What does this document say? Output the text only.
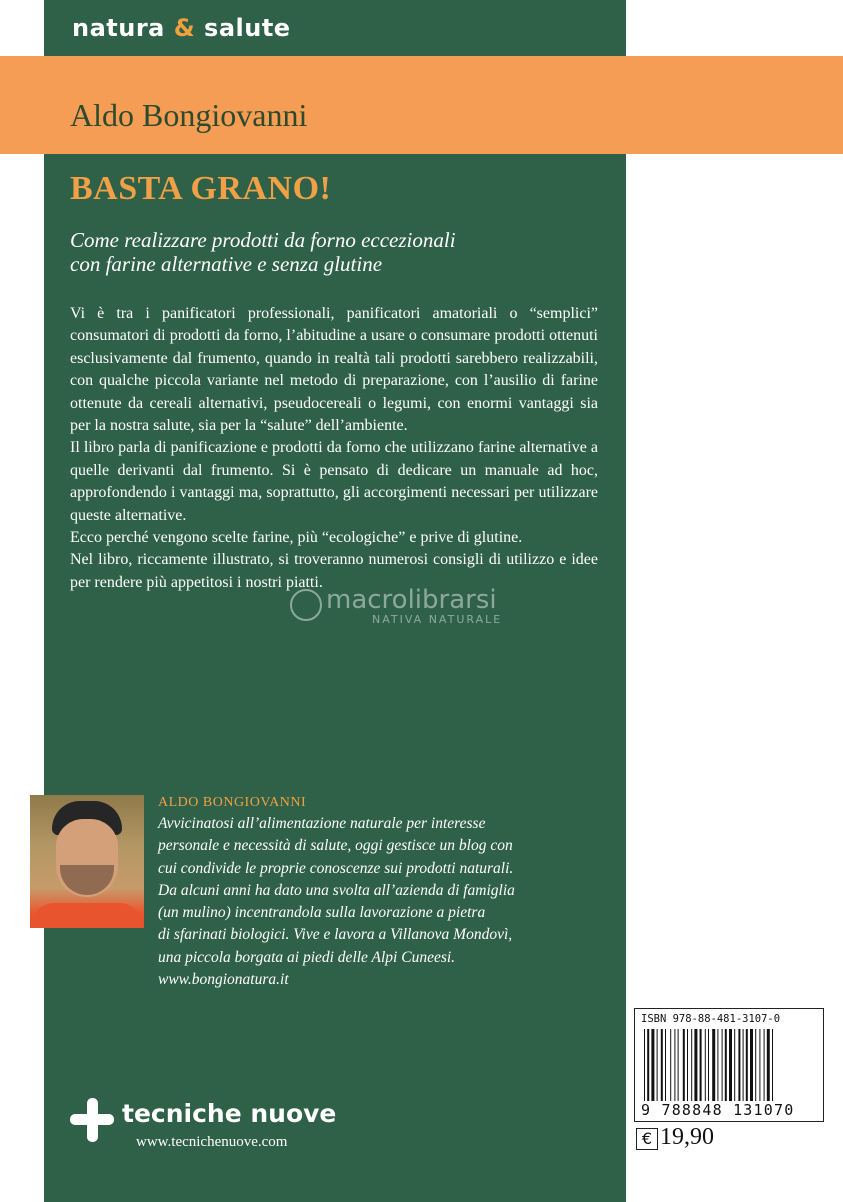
natura & salute
Aldo Bongiovanni
BASTA GRANO!
Come realizzare prodotti da forno eccezionali
con farine alternative e senza glutine

Vi è tra i panificatori professionali, panificatori amatoriali o “semplici” consumatori di prodotti da forno, l’abitudine a usare o consumare prodotti ottenuti esclusivamente dal frumento, quando in realtà tali prodotti sarebbero realizzabili, con qualche piccola variante nel metodo di preparazione, con l’ausilio di farine ottenute da cereali alternativi, pseudocereali o legumi, con enormi vantaggi sia per la nostra salute, sia per la “salute” dell’ambiente.

Il libro parla di panificazione e prodotti da forno che utilizzano farine alternative a quelle derivanti dal frumento. Si è pensato di dedicare un manuale ad hoc, approfondendo i vantaggi ma, soprattutto, gli accorgimenti necessari per utilizzare queste alternative.

Ecco perché vengono scelte farine, più “ecologiche” e prive di glutine.

Nel libro, riccamente illustrato, si troveranno numerosi consigli di utilizzo e idee per rendere più appetitosi i nostri piatti.

macrolibrarsi
NATIVA NATURALE
ALDO BONGIOVANNI
Avvicinatosi all’alimentazione naturale per interesse
personale e necessità di salute, oggi gestisce un blog con
cui condivide le proprie conoscenze sui prodotti naturali.
Da alcuni anni ha dato una svolta all’azienda di famiglia
(un mulino) incentrandola sulla lavorazione a pietra
di sfarinati biologici. Vive e lavora a Villanova Mondovì,
una piccola borgata ai piedi delle Alpi Cuneesi.
www.bongionatura.it
tecniche nuove
www.tecnichenuove.com
ISBN 978-88-481-3107-0
9 788848 131070
€ 19,90
